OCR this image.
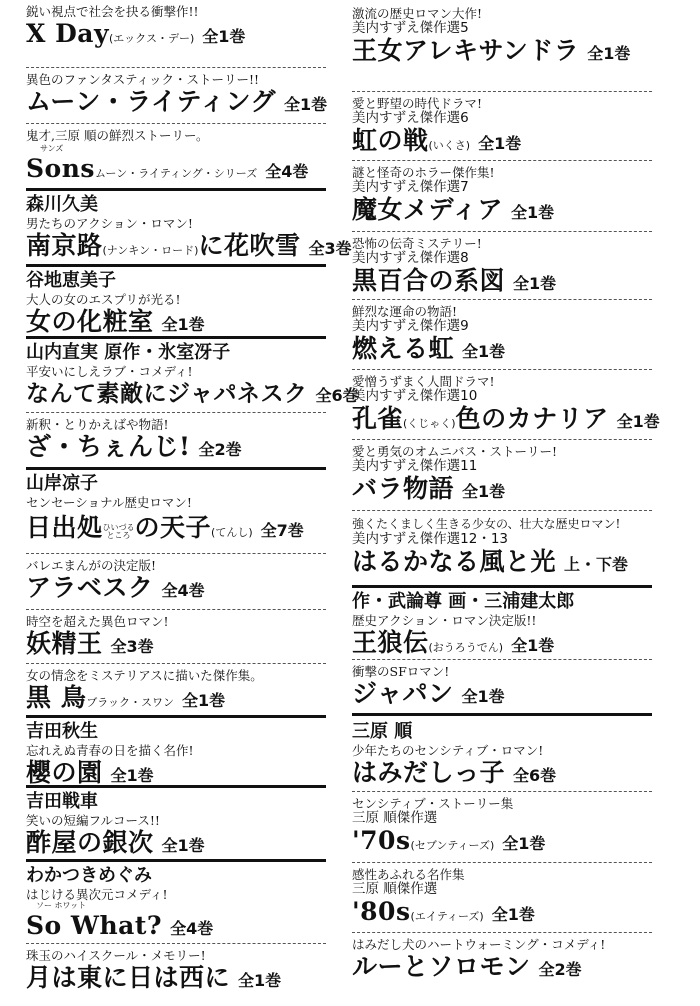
鋭い視点で社会を抉る衝撃作!!
X Day(エックス・デー) 全1巻
異色のファンタスティック・ストーリー!!
ムーン・ライティング 全1巻
鬼才,三原 順の鮮烈ストーリー。
サンズ
Sonsムーン・ライティング・シリーズ 全4巻
森川久美
男たちのアクション・ロマン!
南京路(ナンキン・ロード)に花吹雪 全3巻
谷地恵美子
大人の女のエスプリが光る!
女の化粧室 全1巻
山内直実 原作・氷室冴子
平安いにしえラブ・コメディ!
なんて素敵にジャパネスク 全6巻
新釈・とりかえばや物語!
ざ・ちぇんじ! 全2巻
山岸凉子
センセーショナル歴史ロマン!
日出処ひいづる
ところ の天子(てんし) 全7巻
バレエまんがの決定版!
アラベスク 全4巻
時空を超えた異色ロマン!
妖精王 全3巻
女の情念をミステリアスに描いた傑作集。
黒 鳥ブラック・スワン 全1巻
吉田秋生
忘れえぬ青春の日を描く名作!
櫻の園 全1巻
吉田戦車
笑いの短編フルコース!!
酢屋の銀次 全1巻
わかつきめぐみ
はじける異次元コメディ!
ソー ホワット
So What? 全4巻
珠玉のハイスクール・メモリー!
月は東に日は西に 全1巻
激流の歴史ロマン大作!
美内すずえ傑作選5
王女アレキサンドラ 全1巻
愛と野望の時代ドラマ!
美内すずえ傑作選6
虹の戦(いくさ) 全1巻
謎と怪奇のホラー傑作集!
美内すずえ傑作選7
魔女メディア 全1巻
恐怖の伝奇ミステリー!
美内すずえ傑作選8
黒百合の系図 全1巻
鮮烈な運命の物語!
美内すずえ傑作選9
燃える虹 全1巻
愛憎うずまく人間ドラマ!
美内すずえ傑作選10
孔雀(くじゃく)色のカナリア 全1巻
愛と勇気のオムニバス・ストーリー!
美内すずえ傑作選11
バラ物語 全1巻
強くたくましく生きる少女の、壮大な歴史ロマン!
美内すずえ傑作選12・13
はるかなる風と光 上・下巻
作・武論尊 画・三浦建太郎
歴史アクション・ロマン決定版!!
王狼伝(おうろうでん) 全1巻
衝撃のSFロマン!
ジャパン 全1巻
三原 順
少年たちのセンシティブ・ロマン!
はみだしっ子 全6巻
センシティブ・ストーリー集
三原 順傑作選
'70s(セブンティーズ) 全1巻
感性あふれる名作集
三原 順傑作選
'80s(エイティーズ) 全1巻
はみだし犬のハートウォーミング・コメディ!
ルーとソロモン 全2巻
